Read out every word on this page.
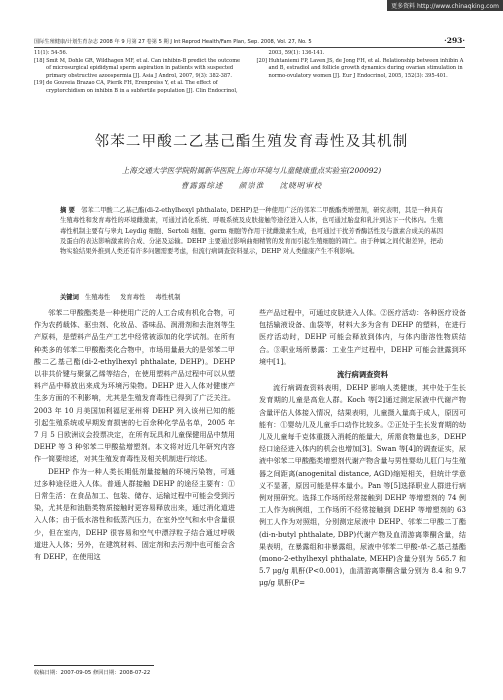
更多资料 http://www.chinaqking.com
国际生殖健康/计划生育杂志 2008 年 9 月第 27 卷第 5 期 J Int Reprod Health/Fam Plan, Sep. 2008, Vol. 27, No. 5	·293·

11(1): 54-56.

[18] Smit M, Dohle GR, Wildhagen MF, et al. Can inhibin-B predict the outcome of microsurgical epididymal sperm aspiration in patients with suspected primary obstructive azoospermia [J]. Asia J Androl, 2007, 9(3): 382-387.

[19] de Gouveia Brazao CA, Pierik FH, Erenpreiss Y, et al. The effect of cryptorchidism on inhibin B in a subfertile population [J]. Clin Endocrinol, 2003, 59(1): 136-141.

[20] Huhtaniemi FP, Laven JS, de Jong FH, et al. Relationship between inhibin A and B, estradiol and follicle growth dynamics during ovarian stimulation in normo-ovulatory women [J]. Eur J Endocrinol, 2005, 152(3): 395-401.

邻苯二甲酸二乙基己酯生殖发育毒性及其机制
上海交通大学医学院附属新华医院上海市环境与儿童健康重点实验室(200092)
曹露露综述 颜崇淮 沈晓明审校

摘 要 邻苯二甲酸二乙基己酯(di-2-ethylhexyl phthalate, DEHP)是一种使用广泛的邻苯二甲酸酯类增塑剂，研究表明，其是一种具有生殖毒性和发育毒性的环境雌激素，可通过消化系统、呼吸系统及皮肤接触等途径进入人体，也可通过胎盘和乳汁到达下一代体内。生殖毒性机制主要有与睾丸 Leydig 细胞、Sertoli 细胞、germ 细胞等作用干扰雌激素生成，也可通过干扰芳香酶活性及与激素合成关的基因及蛋白的表达影响激素的合成、分泌及运输。DEHP 主要通过影响曲细精管的发育而引起生殖细胞的凋亡。由于种属之间代谢差异，把动物实验结果外推到人类还有许多问题需要考虑，但流行病调查资料显示，DEHP 对人类健康产生不利影响。

关键词 生殖毒性 发育毒性 毒性机制

邻苯二甲酸酯类是一种使用广泛的人工合成有机化合物，可作为农药载体、驱虫剂、化妆品、香味品、润滑剂和去泡剂等生产原料，是塑料产品生产工艺中经常被添加的化学试剂。在所有种类多的邻苯二甲酸酯类化合物中，市场用量最大的是邻苯二甲酸二乙基己酯(di-2-ethylhexyl phthalate, DEHP)。DEHP 以非共价键与聚氯乙烯等结合，在使用塑料产品过程中可以从塑料产品中释放出来成为环境污染物。DEHP 进入人体对健康产生多方面的不利影响，尤其是生殖发育毒性已得到了广泛关注。2003 年 10 月美国加利福尼亚州将 DEHP 列入该州已知的能引起生殖系统或早期发育损害的七百余种化学品名单，2005 年 7 月 5 日欧洲议会投票决定，在所有玩具和儿童保健用品中禁用 DEHP 等 3 种邻苯二甲酸盐增塑剂。本文将对近几年研究内容作一简要综述，对其生殖发育毒性及相关机制进行综述。

DEHP 作为一种人类长期低剂量接触的环境污染物，可通过多种途径进入人体。普通人群接触 DEHP 的途径主要有：①日常生活：在食品加工、包装、储存、运输过程中可能会受到污染，尤其是和油脂类物质接触时更容易释放出来，通过消化道进入人体；由于低水溶性和低蒸汽压力，在室外空气和水中含量很少，但在室内，DEHP 很容易和空气中漂浮粒子结合通过呼吸道进入人体；另外，在建筑材料、固定剂和去污剂中也可能会含有 DEHP，在使用这

些产品过程中，可通过皮肤进入人体。②医疗活动：各种医疗设备包括输液设备、血袋等，材料大多为含有 DEHP 的塑料，在进行医疗活动时，DEHP 可能会释放到体内，与体内脂溶性物质结合。③职业场所暴露：工业生产过程中，DEHP 可能会泄露到环境中[1]。

流行病调查资料

流行病调查资料表明，DEHP 影响人类健康，其中处于生长发育期的儿童是高危人群。Koch 等[2]通过测定尿液中代谢产物含量评估人体接入情况，结果表明，儿童摄入量高于成人，原因可能有：①婴幼儿及儿童手口动作比较多。②正处于生长发育期的幼儿及儿童每千克体重摄入消耗的能量大，所需食物量也多，DEHP 经口途径进入体内的机会也增加[3]。Swan 等[4]的调查证实，尿液中邻苯二甲酸酯类增塑剂代谢产物含量与男性婴幼儿肛门与生殖器之间距离(anogenital distance, AGD)缩短相关，但统计学意义不显著，原因可能是样本量小。Pan 等[5]选择职业人群进行病例对照研究。选择工作场所经常接触到 DEHP 等增塑剂的 74 例工人作为病例组，工作场所不经常接触到 DEHP 等增塑剂的 63 例工人作为对照组，分别测定尿液中 DEHP、邻苯二甲酸二丁酯(di-n-butyl phthalate, DBP)代谢产物及血清游离睾酮含量，结果表明，在暴露组和非暴露组，尿液中邻苯二甲酸-单-乙基己基酯(mono-2-ethylhexyl phthalate, MEHP)含量分别为 565.7 和 5.7 μg/g 肌酐(P<0.001)，血清游离睾酮含量分别为 8.4 和 9.7 μg/g 肌酐(P=

收稿日期：2007-09-05 修回日期：2008-07-22
